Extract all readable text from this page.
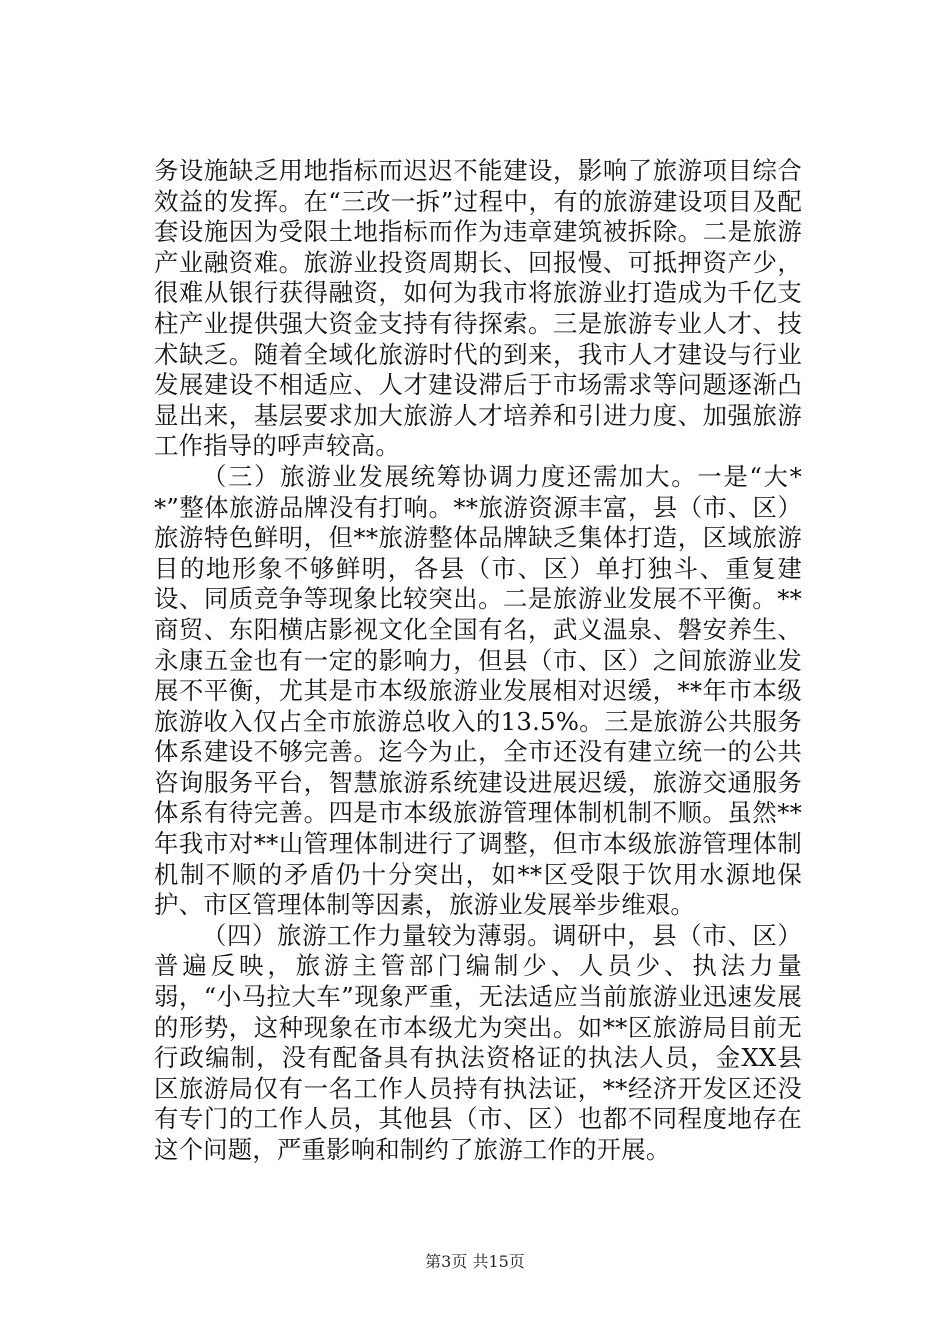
务设施缺乏用地指标而迟迟不能建设，影响了旅游项目综合效益的发挥。在“三改一拆”过程中，有的旅游建设项目及配套设施因为受限土地指标而作为违章建筑被拆除。二是旅游产业融资难。旅游业投资周期长、回报慢、可抵押资产少，很难从银行获得融资，如何为我市将旅游业打造成为千亿支柱产业提供强大资金支持有待探索。三是旅游专业人才、技术缺乏。随着全域化旅游时代的到来，我市人才建设与行业发展建设不相适应、人才建设滞后于市场需求等问题逐渐凸显出来，基层要求加大旅游人才培养和引进力度、加强旅游工作指导的呼声较高。

（三）旅游业发展统筹协调力度还需加大。一是“大**”整体旅游品牌没有打响。**旅游资源丰富，县（市、区）旅游特色鲜明，但**旅游整体品牌缺乏集体打造，区域旅游目的地形象不够鲜明，各县（市、区）单打独斗、重复建设、同质竞争等现象比较突出。二是旅游业发展不平衡。**商贸、东阳横店影视文化全国有名，武义温泉、磐安养生、永康五金也有一定的影响力，但县（市、区）之间旅游业发展不平衡，尤其是市本级旅游业发展相对迟缓，**年市本级旅游收入仅占全市旅游总收入的13.5%。三是旅游公共服务体系建设不够完善。迄今为止，全市还没有建立统一的公共咨询服务平台，智慧旅游系统建设进展迟缓，旅游交通服务体系有待完善。四是市本级旅游管理体制机制不顺。虽然**年我市对**山管理体制进行了调整，但市本级旅游管理体制机制不顺的矛盾仍十分突出，如**区受限于饮用水源地保护、市区管理体制等因素，旅游业发展举步维艰。

（四）旅游工作力量较为薄弱。调研中，县（市、区）普遍反映，旅游主管部门编制少、人员少、执法力量弱，“小马拉大车”现象严重，无法适应当前旅游业迅速发展的形势，这种现象在市本级尤为突出。如**区旅游局目前无行政编制，没有配备具有执法资格证的执法人员，金XX县区旅游局仅有一名工作人员持有执法证，**经济开发区还没有专门的工作人员，其他县（市、区）也都不同程度地存在这个问题，严重影响和制约了旅游工作的开展。

第3页 共15页
